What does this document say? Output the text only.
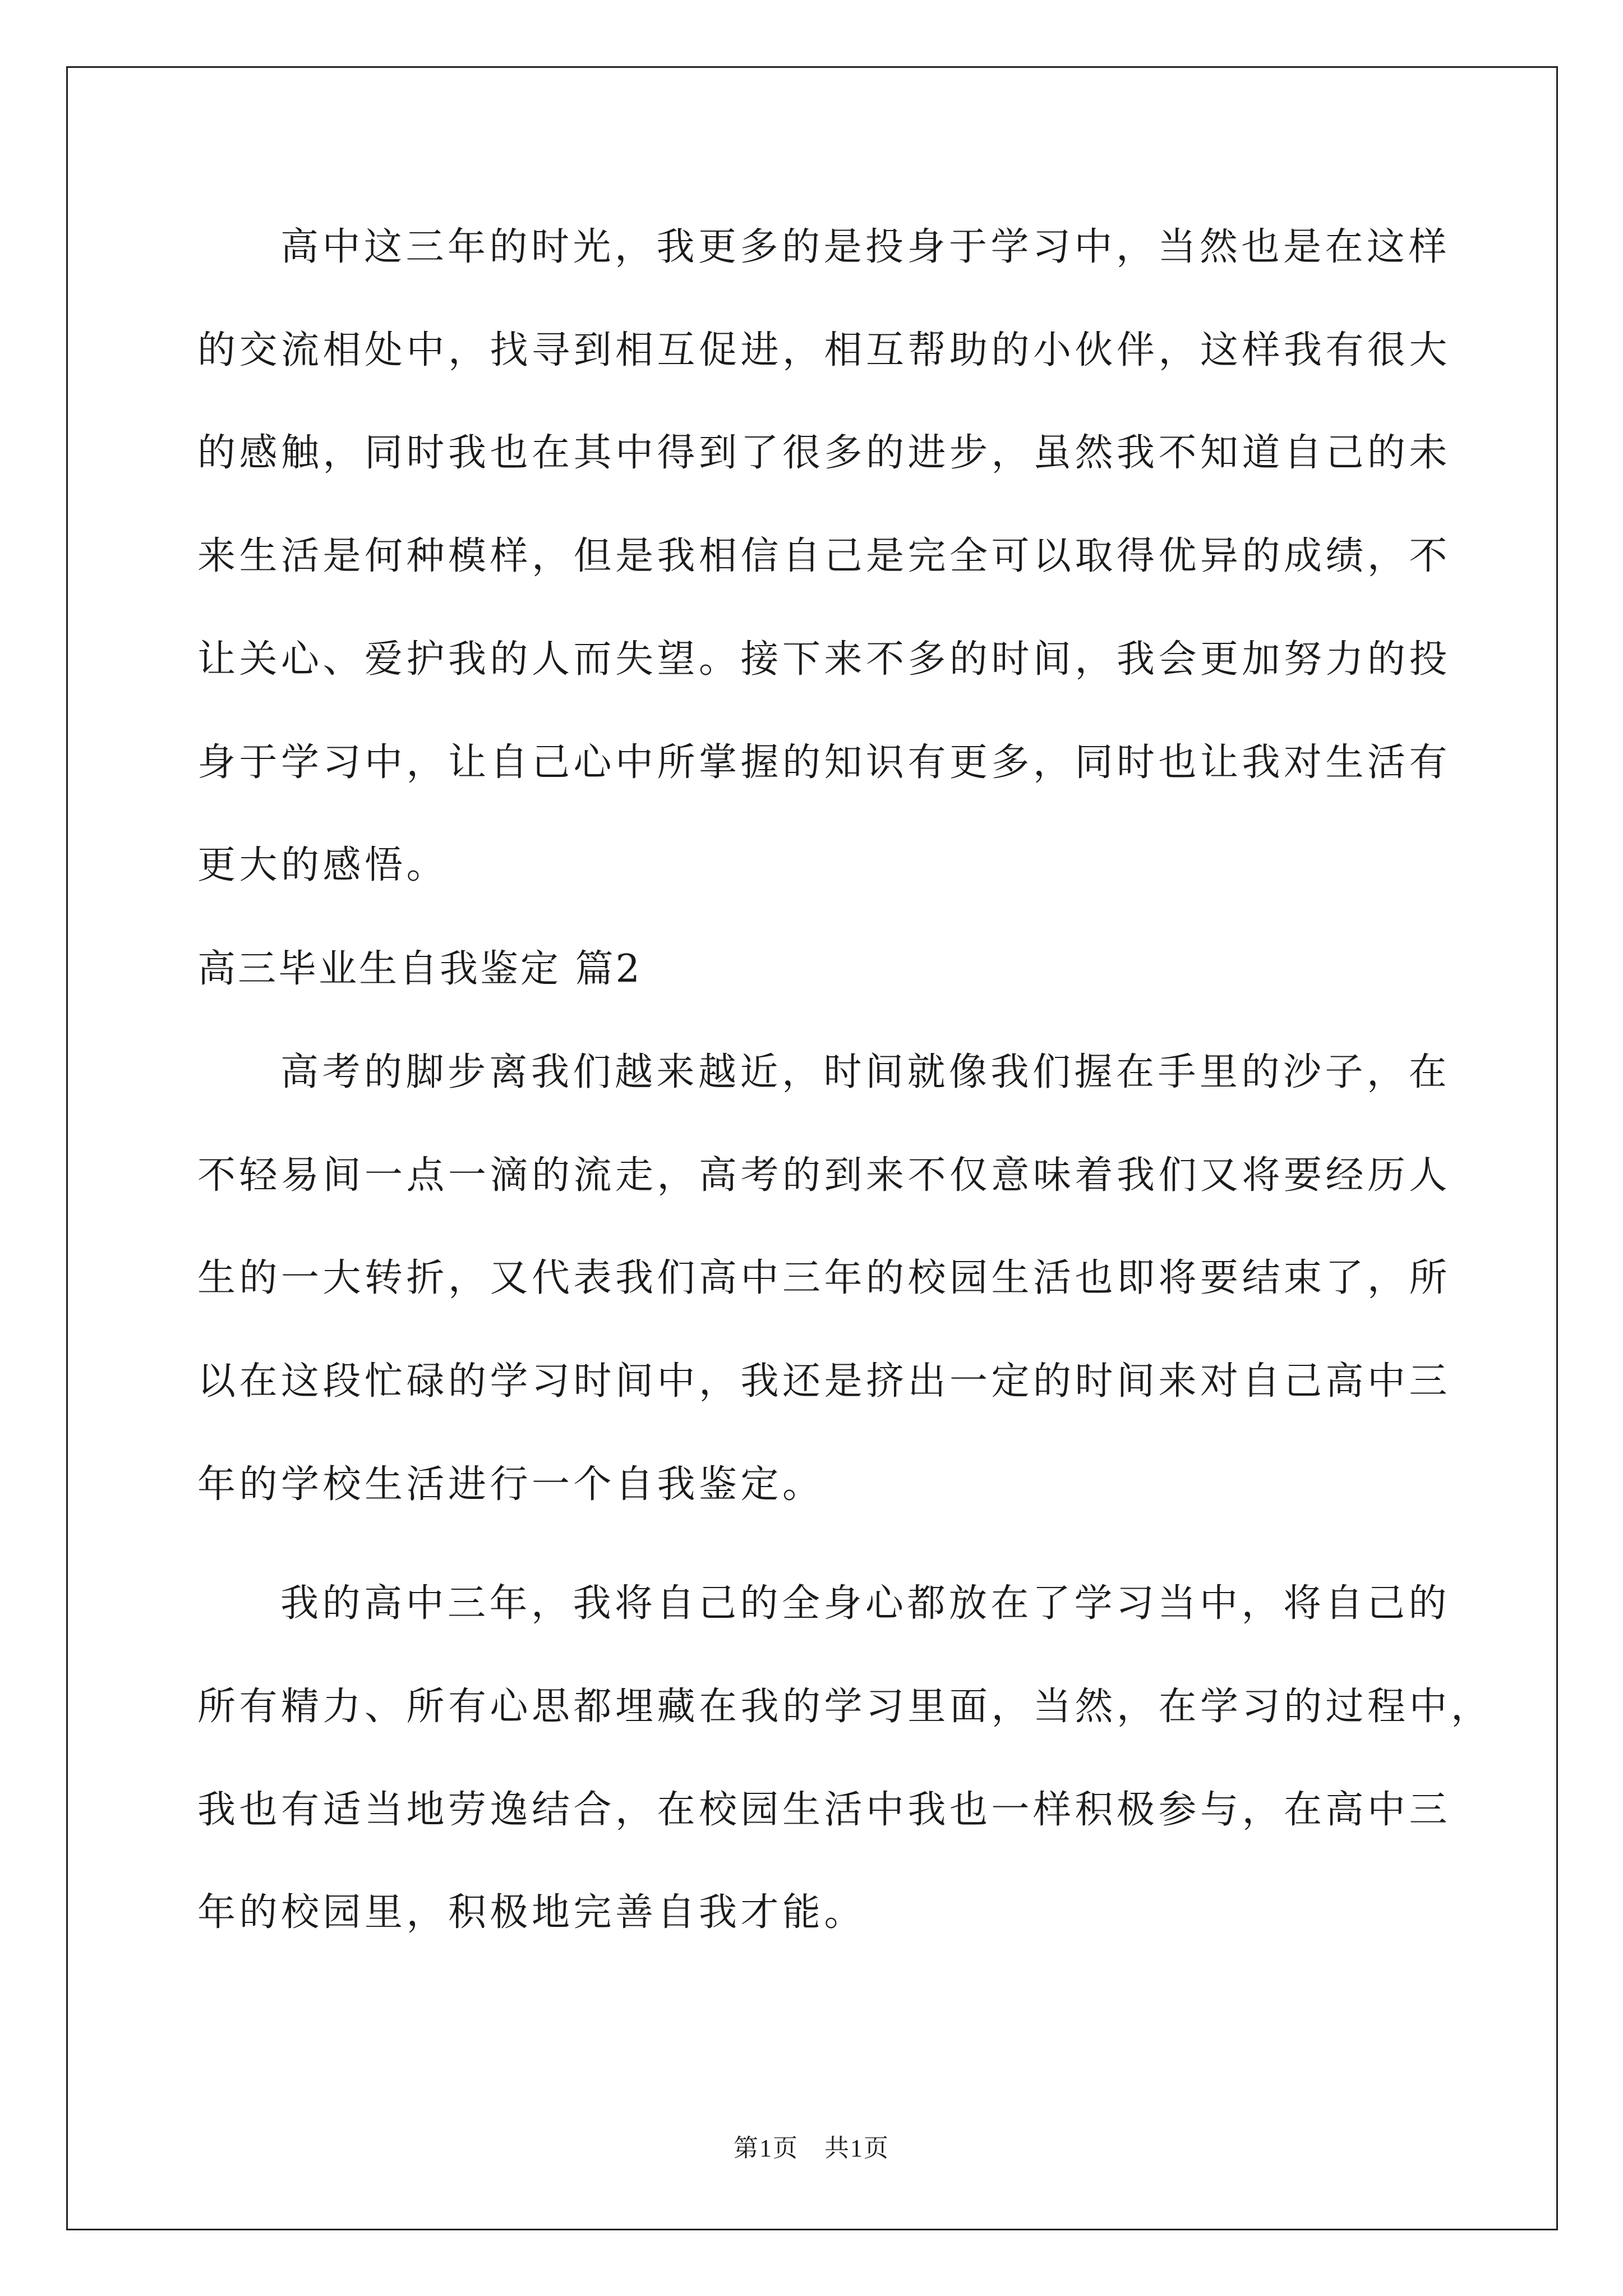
高中这三年的时光，我更多的是投身于学习中，当然也是在这样
的交流相处中，找寻到相互促进，相互帮助的小伙伴，这样我有很大
的感触，同时我也在其中得到了很多的进步，虽然我不知道自己的未
来生活是何种模样，但是我相信自己是完全可以取得优异的成绩，不
让关心、爱护我的人而失望。接下来不多的时间，我会更加努力的投
身于学习中，让自己心中所掌握的知识有更多，同时也让我对生活有
更大的感悟。
高三毕业生自我鉴定 篇2
高考的脚步离我们越来越近，时间就像我们握在手里的沙子，在
不轻易间一点一滴的流走，高考的到来不仅意味着我们又将要经历人
生的一大转折，又代表我们高中三年的校园生活也即将要结束了，所
以在这段忙碌的学习时间中，我还是挤出一定的时间来对自己高中三
年的学校生活进行一个自我鉴定。
我的高中三年，我将自己的全身心都放在了学习当中，将自己的
所有精力、所有心思都埋藏在我的学习里面，当然，在学习的过程中，
我也有适当地劳逸结合，在校园生活中我也一样积极参与，在高中三
年的校园里，积极地完善自我才能。
第1页　共1页
